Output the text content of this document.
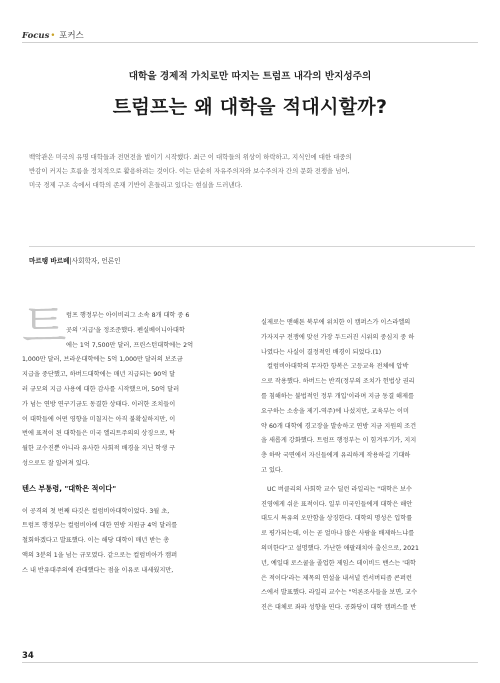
Focus• 포커스
대학을 경제적 가치로만 따지는 트럼프 내각의 반지성주의
트럼프는 왜 대학을 적대시할까?

백악관은 미국의 유명 대학들과 전면전을 벌이기 시작했다. 최근 이 대학들의 위상이 하락하고, 지식인에 대한 대중의

반감이 커지는 흐름을 정치적으로 활용하려는 것이다. 이는 단순히 자유주의자와 보수주의자 간의 문화 전쟁을 넘어,

미국 경제 구조 속에서 대학의 존재 기반이 흔들리고 있다는 현실을 드러낸다.

마르탱 바르베|사회학자, 언론인
트 럼프 행정부는 아이비리그 소속 8개 대학 중 6

곳의 '지급'을 정조준했다. 펜실베이니아대학

에는 1억 7,500만 달러, 프린스턴대학에는 2억

1,000만 달러, 브라운대학에는 5억 1,000만 달러의 보조금

지급을 중단했고, 하버드대학에는 매년 지급되는 90억 달

러 규모의 지급 사용에 대한 감사를 시작했으며, 50억 달러

가 넘는 연방 연구기금도 동결한 상태다. 이러한 조치들이

이 대학들에 어떤 영향을 미칠지는 아직 불확실하지만, 이

번에 표적이 된 대학들은 미국 엘리트주의의 상징으로, 탁

월한 교수진뿐 아니라 유사한 사회적 배경을 지닌 학생 구

성으로도 잘 알려져 있다.

텐스 부통령, "대학은 적이다"

이 공격의 첫 번째 타깃은 컬럼비아대학이었다. 3월 초,

트럼프 행정부는 컬럼비아에 대한 연방 지원금 4억 달러를

철회하겠다고 발표했다. 이는 해당 대학이 매년 받는 총

액의 3분의 1을 넘는 규모였다. 같으로는 컬럼비아가 캠퍼

스 내 반유대주의에 관대했다는 점을 이유로 내세웠지만,

실제로는 맨해튼 북부에 위치한 이 캠퍼스가 이스라엘의

가자지구 전쟁에 맞선 가장 두드러진 시위의 중심지 중 하

나였다는 사실이 결정적인 배경이 되었다.(1)

컬럼비아대학의 무자한 항복은 고등교육 전체에 압박

으로 작용했다. 하버드는 반격(정부의 조치가 헌법상 권리

를 침해하는 불법적인 정부 개입'이라며 지금 동결 해제를

요구하는 소송을 제기-역주)에 나섰지만, 교육부는 이미

약 60개 대학에 경고장을 발송하고 연방 지금 지원의 조건

을 새롭게 강화했다. 트럼프 행정부는 이 힘겨루기가, 지지

층 하락 국면에서 자신들에게 유리하게 작용하길 기대하

고 있다.

UC 버클리의 사회학 교수 딜런 라일리는 "대학은 보수

진영에게 쉬운 표적이다. 일부 미국인들에게 대학은 해안

대도시 특유의 오만함을 상징한다. 대학의 명성은 입학률

로 평가되는데, 이는 곧 얼마나 많은 사람을 배제하느냐를

의미한다"고 설명했다. 가난한 애팔래치아 출신으로, 2021

년, 예일대 로스쿨을 졸업한 제임스 데이비드 밴스는 '대학

은 적이다'라는 제목의 연설을 내셔널 컨서버티즘 콘퍼런

스에서 발표했다. 라일리 교수는 "억론조사들을 보면, 교수

진은 대체로 좌파 성향을 띤다. 공화당이 대학 캠퍼스를 반

34
